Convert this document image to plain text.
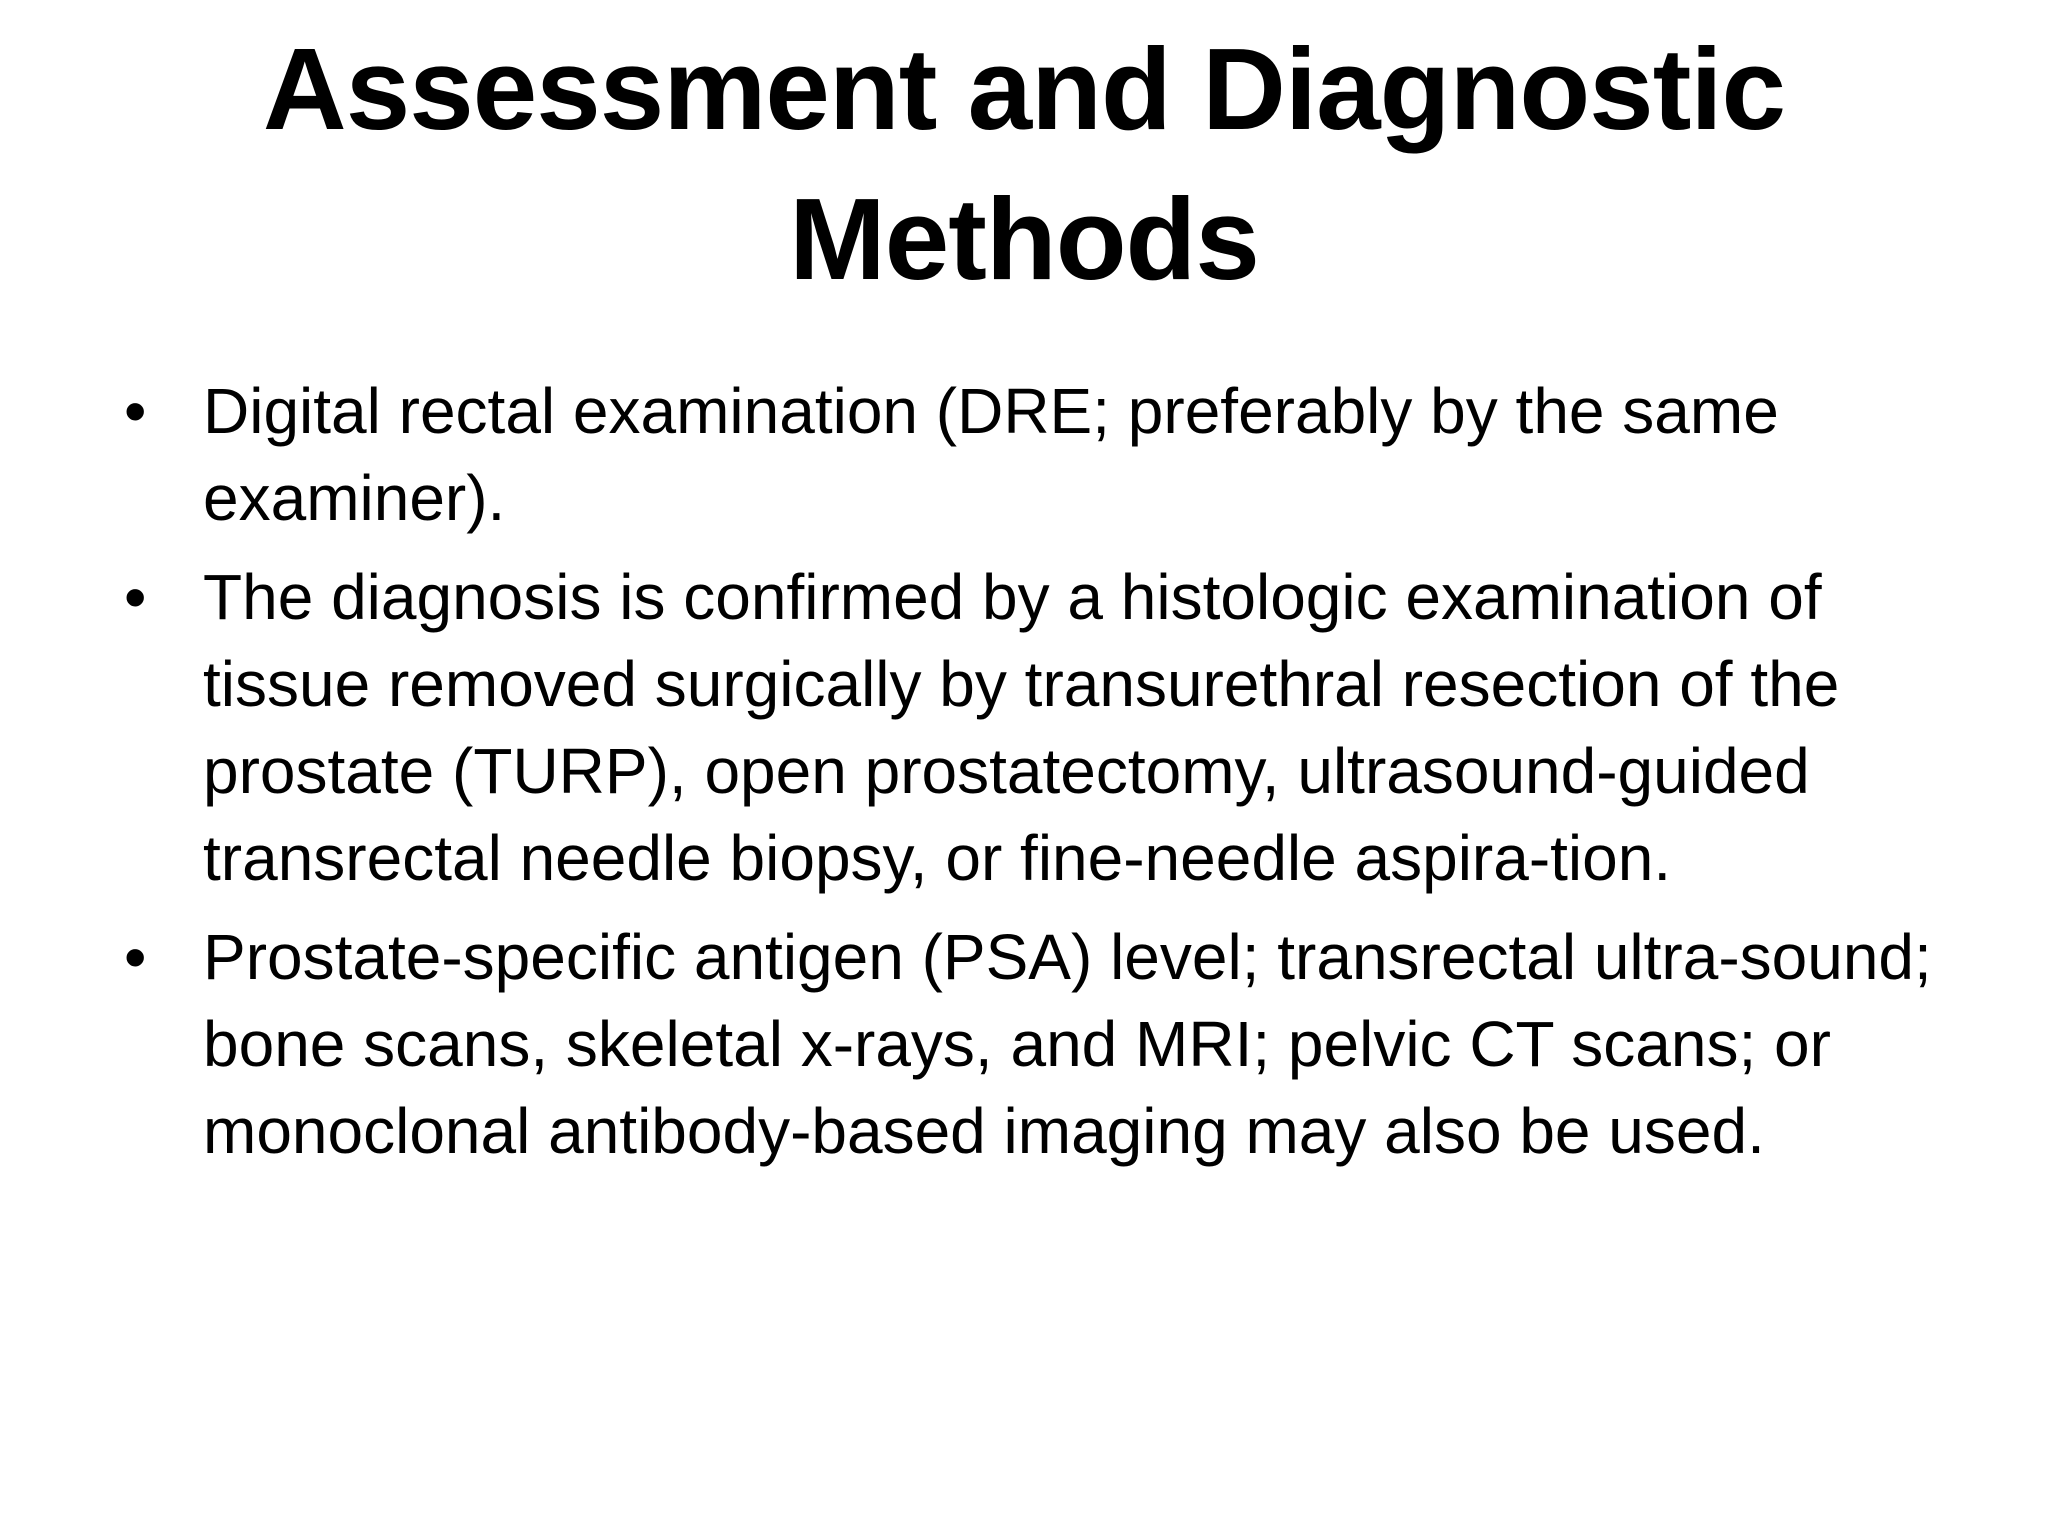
Assessment and Diagnostic
Methods
• Digital rectal examination (DRE; preferably by the same examiner).
• The diagnosis is confirmed by a histologic examination of tissue removed surgically by transurethral resection of the prostate (TURP), open prostatectomy, ultrasound-guided transrectal needle biopsy, or fine-needle aspira-tion.
• Prostate-specific antigen (PSA) level; transrectal ultra-sound; bone scans, skeletal x-rays, and MRI; pelvic CT scans; or monoclonal antibody-based imaging may also be used.
